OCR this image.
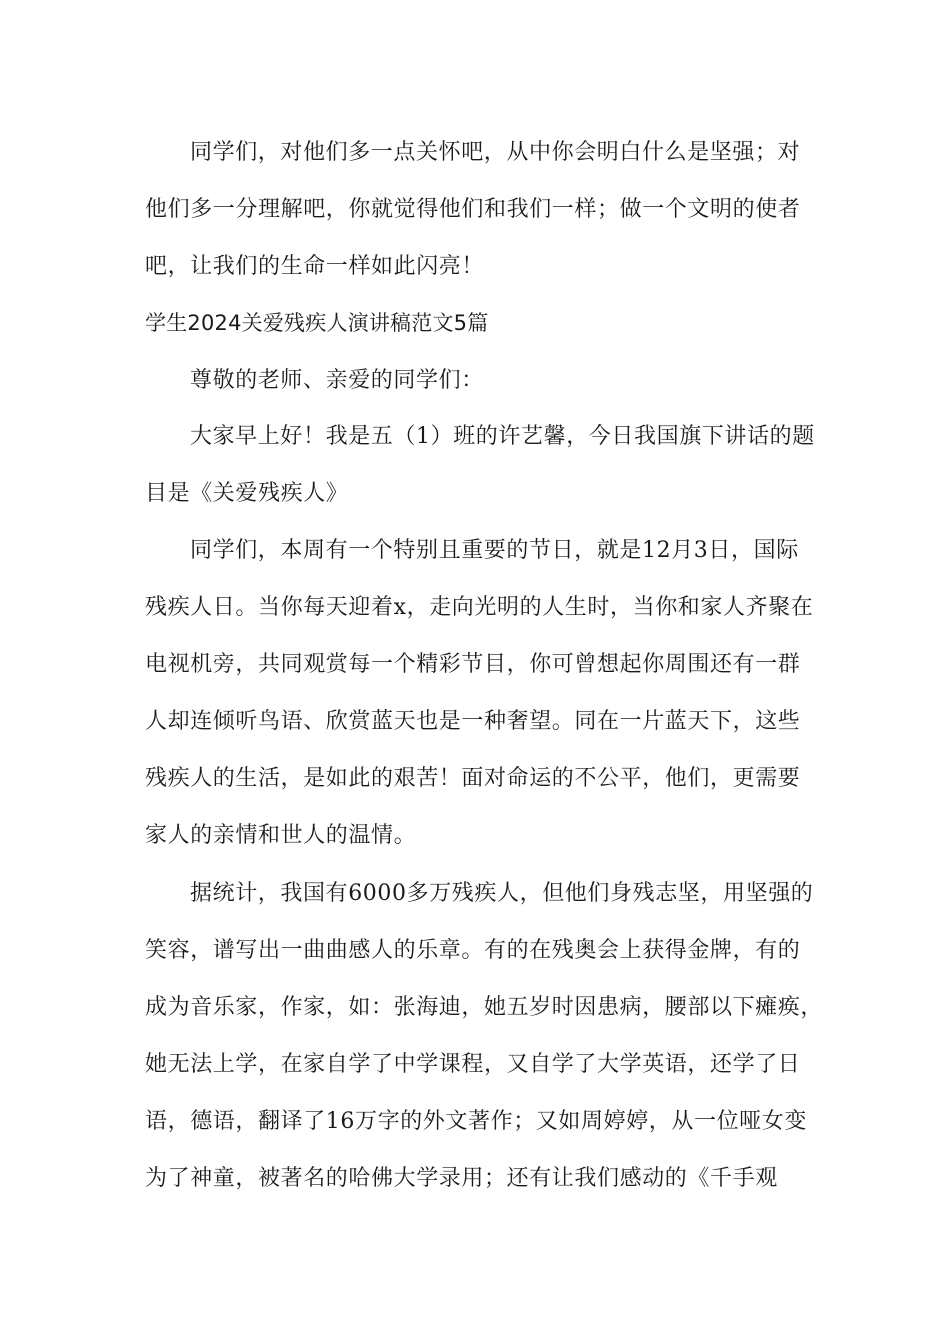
同学们，对他们多一点关怀吧，从中你会明白什么是坚强；对

他们多一分理解吧，你就觉得他们和我们一样；做一个文明的使者

吧，让我们的生命一样如此闪亮！

学生2024关爱残疾人演讲稿范文5篇

尊敬的老师、亲爱的同学们：

大家早上好！我是五（1）班的许艺馨，今日我国旗下讲话的题

目是《关爱残疾人》

同学们，本周有一个特别且重要的节日，就是12月3日，国际

残疾人日。当你每天迎着x，走向光明的人生时，当你和家人齐聚在

电视机旁，共同观赏每一个精彩节目，你可曾想起你周围还有一群

人却连倾听鸟语、欣赏蓝天也是一种奢望。同在一片蓝天下，这些

残疾人的生活，是如此的艰苦！面对命运的不公平，他们，更需要

家人的亲情和世人的温情。

据统计，我国有6000多万残疾人，但他们身残志坚，用坚强的

笑容，谱写出一曲曲感人的乐章。有的在残奥会上获得金牌，有的

成为音乐家，作家，如：张海迪，她五岁时因患病，腰部以下瘫痪，

她无法上学，在家自学了中学课程，又自学了大学英语，还学了日

语，德语，翻译了16万字的外文著作；又如周婷婷，从一位哑女变

为了神童，被著名的哈佛大学录用；还有让我们感动的《千手观
